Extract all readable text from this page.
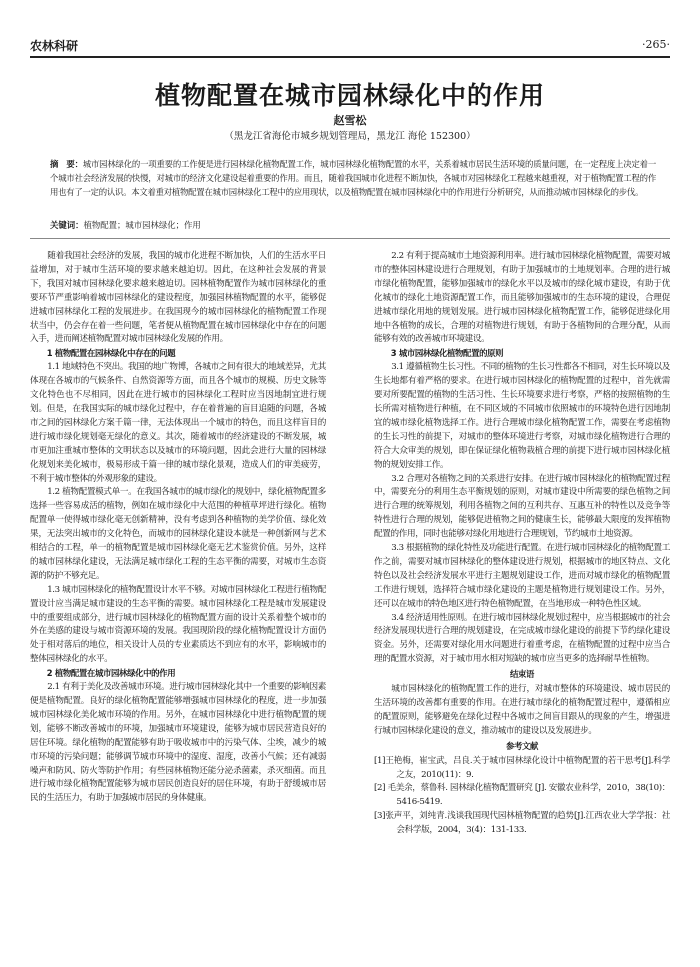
农林科研	·265·
植物配置在城市园林绿化中的作用
赵雪松
（黑龙江省海伦市城乡规划管理局，黑龙江 海伦 152300）
摘　要：城市园林绿化的一项重要的工作便是进行园林绿化植物配置工作，城市园林绿化植物配置的水平，关系着城市居民生活环境的质量问题，在一定程度上决定着一个城市社会经济发展的快慢，对城市的经济文化建设起着重要的作用。而且，随着我国城市化进程不断加快，各城市对园林绿化工程越来越重视，对于植物配置工程的作用也有了一定的认识。本文着重对植物配置在城市园林绿化工程中的应用现状，以及植物配置在城市园林绿化中的作用进行分析研究，从而推动城市园林绿化的步伐。
关键词：植物配置；城市园林绿化；作用

随着我国社会经济的发展，我国的城市化进程不断加快，人们的生活水平日益增加，对于城市生活环境的要求越来越迫切。因此，在这种社会发展的背景下，我国对城市园林绿化要求越来越迫切。园林植物配置作为城市园林绿化的重要环节严重影响着城市园林绿化的建设程度，加强园林植物配置的水平，能够促进城市园林绿化工程的发展进步。在我国现今的城市园林绿化的植物配置工作现状当中，仍会存在着一些问题，笔者便从植物配置在城市园林绿化中存在的问题入手，进而阐述植物配置对城市园林绿化发展的作用。

1 植物配置在园林绿化中存在的问题

1.1 地域特色不突出。我国的地广物博，各城市之间有很大的地域差异，尤其体现在各城市的气候条件、自然资源等方面，而且各个城市的规模、历史文脉等文化特色也不尽相同，因此在进行城市的园林绿化工程时应当因地制宜进行规划。但是，在我国实际的城市绿化过程中，存在着普遍的盲目追随的问题，各城市之间的园林绿化方案千篇一律，无法体现出一个城市的特色，而且这样盲目的进行城市绿化规划毫无绿化的意义。其次，随着城市的经济建设的不断发展，城市更加注重城市整体的文明状态以及城市的环境问题，因此会进行大量的园林绿化规划来美化城市，极易形成千篇一律的城市绿化景观，造成人们的审美疲劳，不利于城市整体的外观形象的建设。

1.2 植物配置模式单一。在我国各城市的城市绿化的规划中，绿化植物配置多选择一些容易成活的植物，例如在城市绿化中大范围的种植草坪进行绿化。植物配置单一使得城市绿化毫无创新精神，没有考虑到各种植物的美学价值、绿化效果，无法突出城市的文化特色，而城市的园林绿化建设本就是一种创新网与艺术相结合的工程，单一的植物配置是城市园林绿化毫无艺术鉴赏价值。另外，这样的城市园林绿化建设，无法满足城市绿化工程的生态平衡的需要，对城市生态资源的防护不够充足。

1.3 城市园林绿化的植物配置设计水平不够。对城市园林绿化工程进行植物配置设计应当满足城市建设的生态平衡的需要。城市园林绿化工程是城市发展建设中的重要组成部分，进行城市园林绿化的植物配置方面的设计关系着整个城市的外在美感的建设与城市资源环境的发展。我国现阶段的绿化植物配置设计方面仍处于相对落后的地位，相关设计人员的专业素质达不到应有的水平，影响城市的整体园林绿化的水平。

2 植物配置在城市园林绿化中的作用

2.1 有利于美化及改善城市环境。进行城市园林绿化其中一个重要的影响因素便是植物配置。良好的绿化植物配置能够增强城市园林绿化的程度，进一步加强城市园林绿化美化城市环境的作用。另外，在城市园林绿化中进行植物配置的规划，能够不断改善城市的环境，加强城市环境建设，能够为城市居民营造良好的居住环境。绿化植物的配置能够有助于吸收城市中的污染气体、尘埃，减少的城市环境的污染问题；能够调节城市环境中的湿度、湿度，改善小气候；还有减弱噪声和防风、防火等防护作用；有些园林植物还能分泌杀菌素，杀灭细菌。而且进行城市绿化植物配置能够为城市居民创造良好的居住环境，有助于舒缓城市居民的生活压力，有助于加强城市居民的身体健康。

2.2 有利于提高城市土地资源利用率。进行城市园林绿化植物配置，需要对城市的整体园林建设进行合理规划，有助于加强城市的土地规划率。合理的进行城市绿化植物配置，能够加强城市的绿化水平以及城市的绿化城市建设，有助于优化城市的绿化土地资源配置工作，而且能够加强城市的生态环境的建设，合理促进城市绿化用地的规划发展。进行城市园林绿化植物配置工作，能够促进绿化用地中各植物的成长，合理的对植物进行规划，有助于各植物间的合理分配，从而能够有效的改善城市环境建设。

3 城市园林绿化植物配置的原则

3.1 遵循植物生长习性。不同的植物的生长习性都各不相同，对生长环境以及生长地都有着严格的要求。在进行城市园林绿化的植物配置的过程中，首先就需要对所要配置的植物的生活习性、生长环境要求进行考察，严格的按照植物的生长所需对植物进行种植，在不同区域的不同城市依照城市的环境特色进行因地制宜的城市绿化植物选择工作。进行合理城市绿化植物配置工作，需要在考虑植物的生长习性的前提下，对城市的整体环境进行考察，对城市绿化植物进行合理的符合大众审美的规划，即在保证绿化植物栽植合理的前提下进行城市园林绿化植物的规划安排工作。

3.2 合理对各植物之间的关系进行安排。在进行城市园林绿化的植物配置过程中，需要充分的利用生态平衡规划的原则，对城市建设中所需要的绿色植物之间进行合理的统筹规划，利用各植物之间的互利共存、互惠互补的特性以及竞争等特性进行合理的规划，能够促进植物之间的健康生长，能够最大限度的发挥植物配置的作用，同时也能够对绿化用地进行合理规划，节约城市土地资源。

3.3 根据植物的绿化特性及功能进行配置。在进行城市园林绿化的植物配置工作之前，需要对城市园林绿化的整体建设进行规划，根据城市的地区特点、文化特色以及社会经济发展水平进行主题规划建设工作，进而对城市绿化的植物配置工作进行规划，选择符合城市绿化建设的主题是植物进行规划建设工作。另外，还可以在城市的特色地区进行特色植物配置，在当地形成一种特色性区域。

3.4 经济适用性原则。在进行城市园林绿化规划过程中，应当根据城市的社会经济发展现状进行合理的规划建设，在完成城市绿化建设的前提下节约绿化建设资金。另外，还需要对绿化用水问题进行着重考虑，在植物配置的过程中应当合理的配置水资源，对于城市用水相对短缺的城市应当更多的选择耐旱性植物。

结束语

城市园林绿化的植物配置工作的进行，对城市整体的环境建设、城市居民的生活环境的改善都有重要的作用。在进行城市绿化的植物配置过程中，遵循相应的配置原则，能够避免在绿化过程中各城市之间盲目跟从的现象的产生，增强进行城市园林绿化建设的意义，推动城市的建设以及发展进步。

参考文献

[1]王艳梅，崔宝武，吕良.关于城市园林绿化设计中植物配置的若干思考[J].科学之友，2010(11)：9.

[2] 毛美余，蔡鲁科. 园林绿化植物配置研究 [J]. 安徽农业科学，2010，38(10)：5416-5419.

[3]张声平，刘纯青.浅谈我国现代园林植物配置的趋势[J].江西农业大学学报：社会科学版，2004，3(4)：131-133.
